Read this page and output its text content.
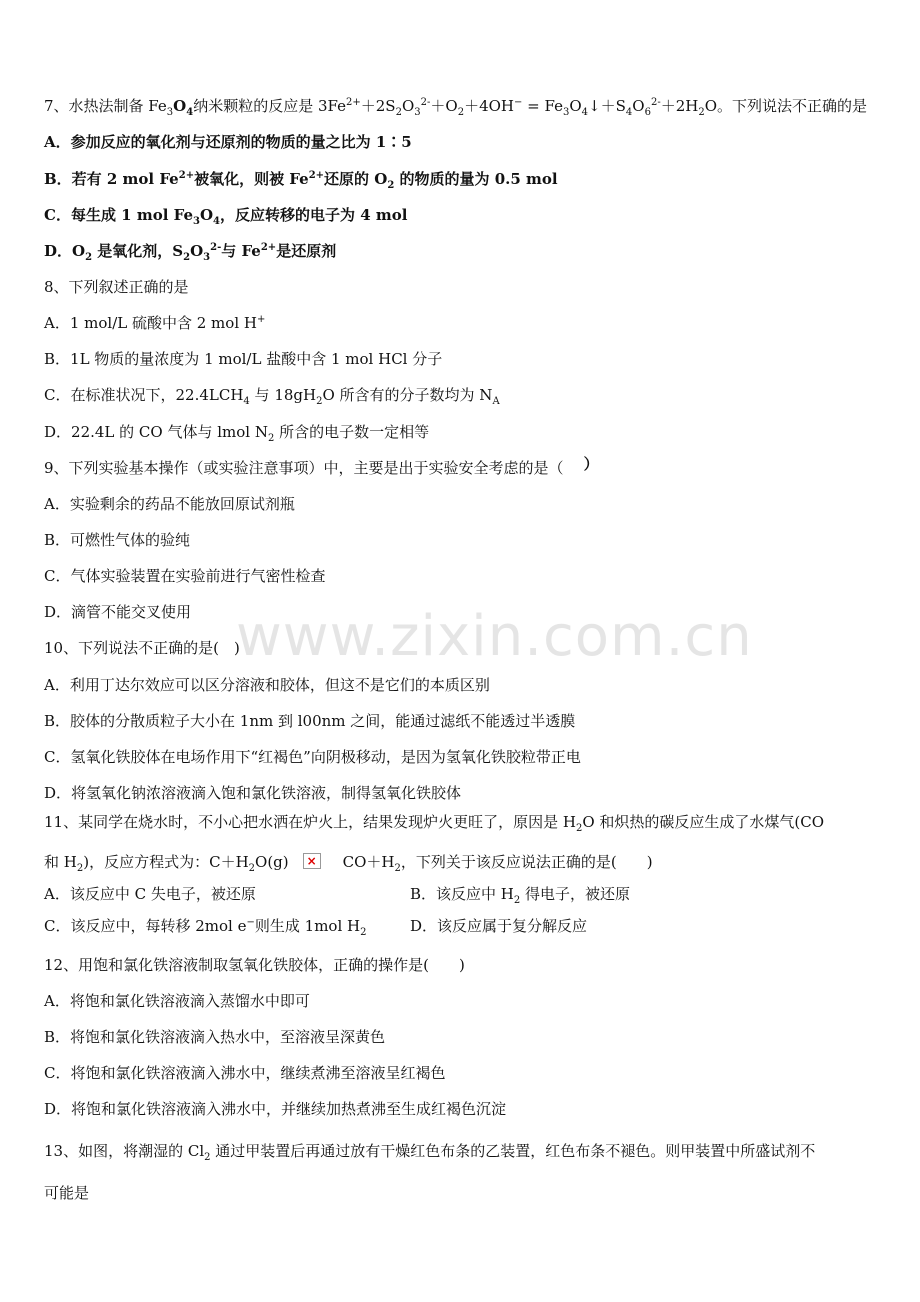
www.zixin.com.cn
7、水热法制备 $Fe_3O_4$纳米颗粒的反应是 $3Fe^{2+}+2S_2O_3^{2-}+O_2+4OH^-$ = $Fe_3O_4↓+S_4O_6^{2-}+2H_2O$。下列说法不正确的是
A．参加反应的氧化剂与还原剂的物质的量之比为 1∶5
B．若有 2 mol $Fe^{2+}$被氧化，则被 $Fe^{2+}$还原的 $O_2$ 的物质的量为 0.5 mol
C．每生成 1 mol $Fe_3O_4$，反应转移的电子为 4 mol
D．$O_2$ 是氧化剂，$S_2O_3^{2-}$与 $Fe^{2+}$是还原剂
8、下列叙述正确的是
A．1 mol/L 硫酸中含 2 mol H+
B．1L 物质的量浓度为 1 mol/L 盐酸中含 1 mol HCl 分子
C．在标准状况下，$22.4LCH_4$ 与 $18gH_2O$ 所含有的分子数均为 $N_A$
D．22.4L 的 CO 气体与 lmol $N_2$ 所含的电子数一定相等
9、下列实验基本操作（或实验注意事项）中，主要是出于实验安全考虑的是（ ）
A．实验剩余的药品不能放回原试剂瓶
B．可燃性气体的验纯
C．气体实验装置在实验前进行气密性检查
D．滴管不能交叉使用
10、下列说法不正确的是(　)
A．利用丁达尔效应可以区分溶液和胶体，但这不是它们的本质区别
B．胶体的分散质粒子大小在 1nm 到 l00nm 之间，能通过滤纸不能透过半透膜
C．氢氧化铁胶体在电场作用下“红褐色”向阴极移动，是因为氢氧化铁胶粒带正电
D．将氢氧化钠浓溶液滴入饱和氯化铁溶液，制得氢氧化铁胶体
11、某同学在烧水时，不小心把水洒在炉火上，结果发现炉火更旺了，原因是 $H_2O$ 和炽热的碳反应生成了水煤气(CO
和 $H_2$)，反应方程式为：$C+H_2O(g)\times$	$CO+H_2$，下列关于该反应说法正确的是(　　)
A．该反应中 C 失电子，被还原	B．该反应中 $H_2$ 得电子，被还原
C．该反应中，每转移 2mol e−则生成 1mol $H_2$	D．该反应属于复分解反应
12、用饱和氯化铁溶液制取氢氧化铁胶体，正确的操作是(　　)
A．将饱和氯化铁溶液滴入蒸馏水中即可
B．将饱和氯化铁溶液滴入热水中，至溶液呈深黄色
C．将饱和氯化铁溶液滴入沸水中，继续煮沸至溶液呈红褐色
D．将饱和氯化铁溶液滴入沸水中，并继续加热煮沸至生成红褐色沉淀
13、如图，将潮湿的 $Cl_2$ 通过甲装置后再通过放有干燥红色布条的乙装置，红色布条不褪色。则甲装置中所盛试剂不
可能是
